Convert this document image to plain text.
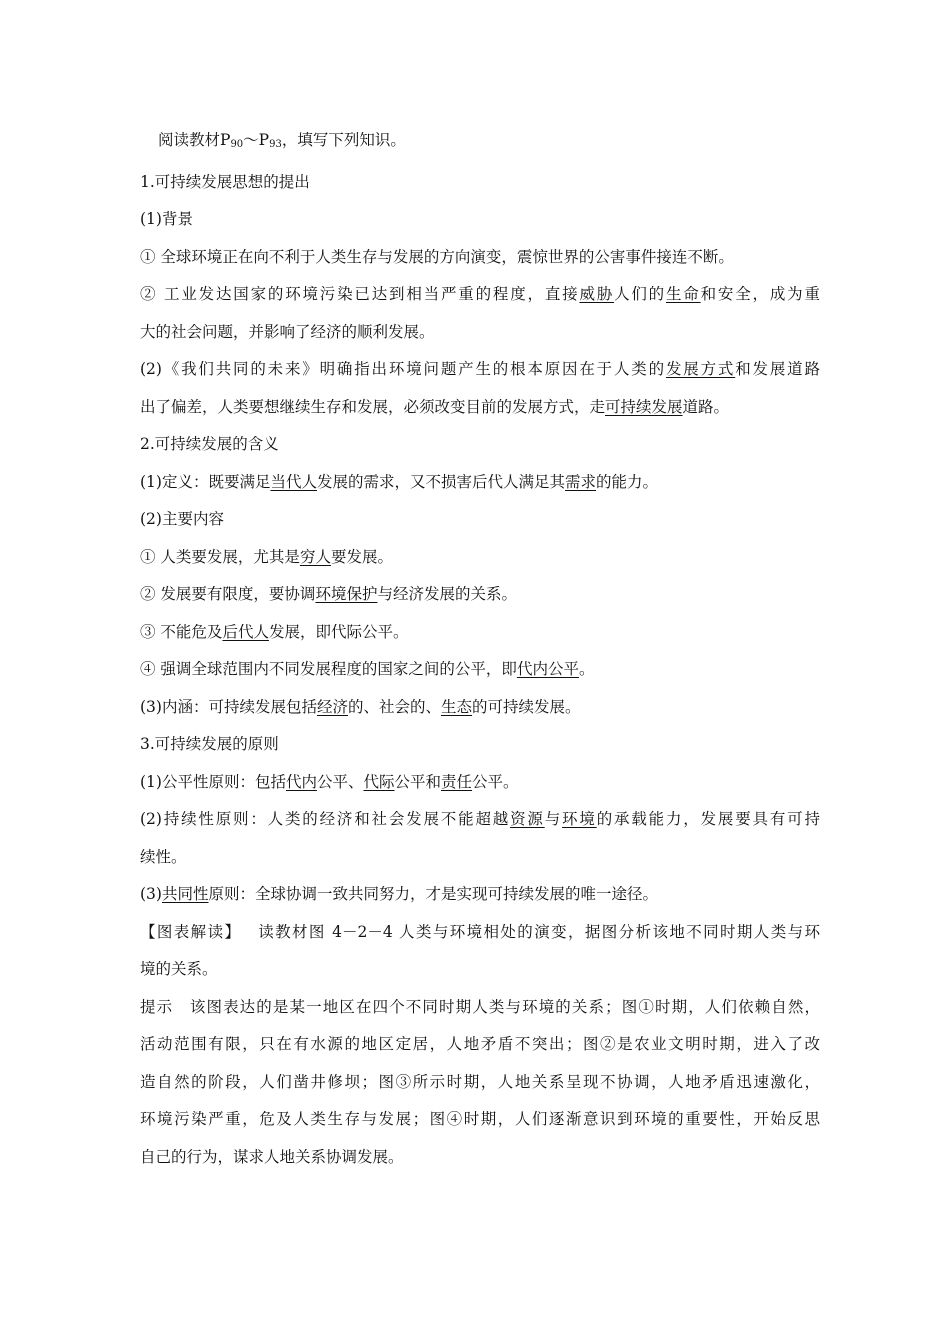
阅读教材$P_{90}\sim P_{93}$，填写下列知识。

1.可持续发展思想的提出

(1)背景

① 全球环境正在向不利于人类生存与发展的方向演变，震惊世界的公害事件接连不断。

② 工业发达国家的环境污染已达到相当严重的程度，直接威胁人们的生命和安全，成为重

大的社会问题，并影响了经济的顺利发展。

(2)《我们共同的未来》明确指出环境问题产生的根本原因在于人类的发展方式和发展道路

出了偏差，人类要想继续生存和发展，必须改变目前的发展方式，走可持续发展道路。

2.可持续发展的含义

(1)定义：既要满足当代人发展的需求，又不损害后代人满足其需求的能力。

(2)主要内容

① 人类要发展，尤其是穷人要发展。

② 发展要有限度，要协调环境保护与经济发展的关系。

③ 不能危及后代人发展，即代际公平。

④ 强调全球范围内不同发展程度的国家之间的公平，即代内公平。

(3)内涵：可持续发展包括经济的、社会的、生态的可持续发展。

3.可持续发展的原则

(1)公平性原则：包括代内公平、代际公平和责任公平。

(2)持续性原则：人类的经济和社会发展不能超越资源与环境的承载能力，发展要具有可持

续性。

(3)共同性原则：全球协调一致共同努力，才是实现可持续发展的唯一途径。

【图表解读】  读教材图 4－2－4 人类与环境相处的演变，据图分析该地不同时期人类与环

境的关系。

提示  该图表达的是某一地区在四个不同时期人类与环境的关系；图①时期，人们依赖自然，

活动范围有限，只在有水源的地区定居，人地矛盾不突出；图②是农业文明时期，进入了改

造自然的阶段，人们凿井修坝；图③所示时期，人地关系呈现不协调，人地矛盾迅速激化，

环境污染严重，危及人类生存与发展；图④时期，人们逐渐意识到环境的重要性，开始反思

自己的行为，谋求人地关系协调发展。
